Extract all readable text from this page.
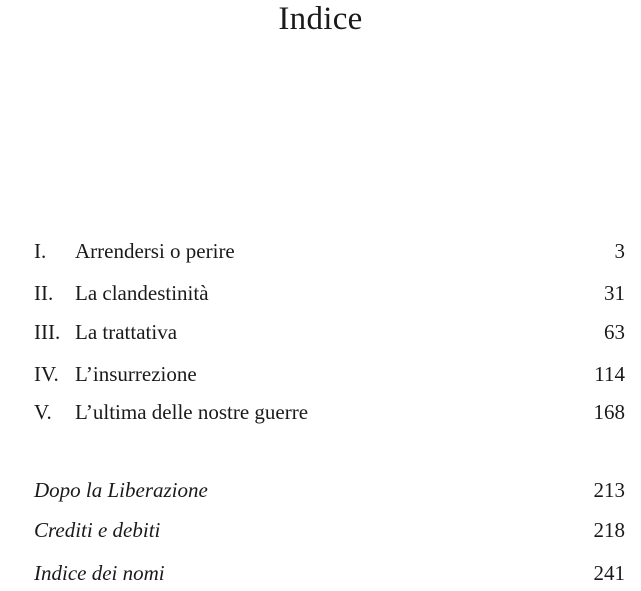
Indice
I. Arrendersi o perire	3
II. La clandestinità	31
III. La trattativa	63
IV. L’insurrezione	114
V. L’ultima delle nostre guerre	168
Dopo la Liberazione	213
Crediti e debiti	218
Indice dei nomi	241
